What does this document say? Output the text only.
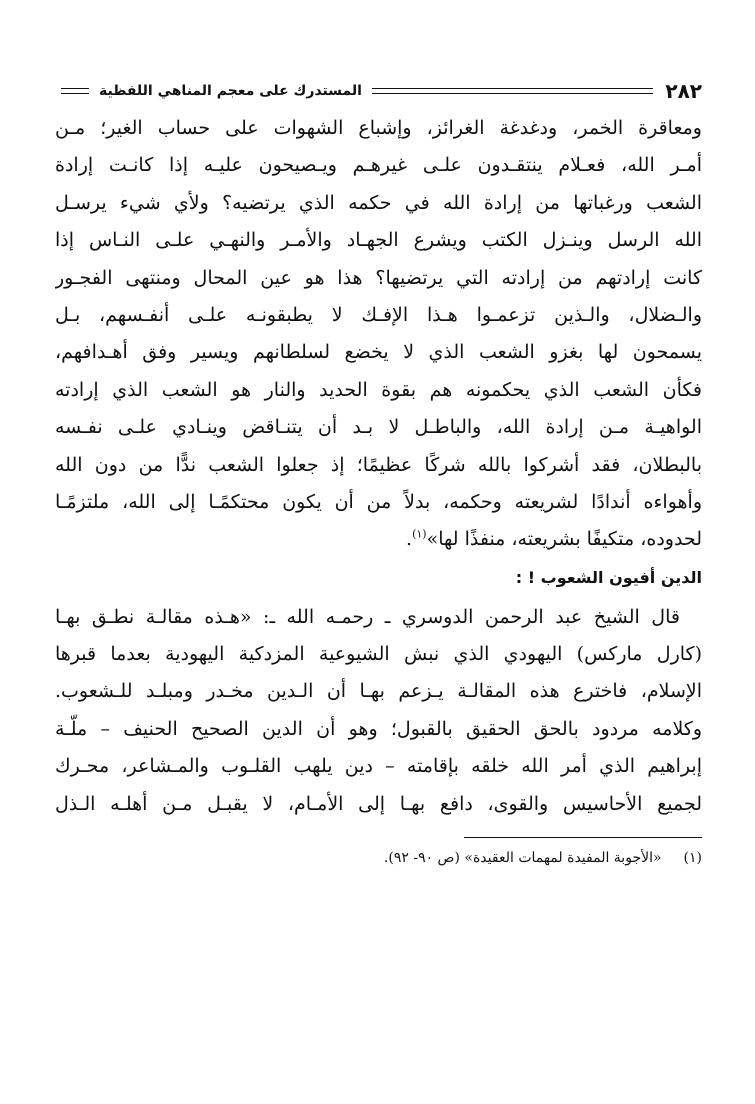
٢٨٢
المستدرك على معجم المناهي اللفظية
ومعاقرة الخمر، ودغدغة الغرائز، وإشباع الشهوات على حساب الغير؛ مـن
أمـر الله، فعـلام ينتقـدون علـى غيرهـم ويـصيحون عليـه إذا كانـت إرادة
الشعب ورغباتها من إرادة الله في حكمه الذي يرتضيه؟ ولأي شيء يرسـل
الله الرسل وينـزل الكتب ويشرع الجهـاد والأمـر والنهـي علـى النـاس إذا
كانت إرادتهم من إرادته التي يرتضيها؟ هذا هو عين المحال ومنتهى الفجـور
والـضلال، والـذين تزعمـوا هـذا الإفـك لا يطبقونـه علـى أنفـسهم، بـل
يسمحون لها بغزو الشعب الذي لا يخضع لسلطانهم ويسير وفق أهـدافهم،
فكأن الشعب الذي يحكمونه هم بقوة الحديد والنار هو الشعب الذي إرادته
الواهيـة مـن إرادة الله، والباطـل لا بـد أن يتنـاقض وينـادي علـى نفـسه
بالبطلان، فقد أشركوا بالله شركًا عظيمًا؛ إذ جعلوا الشعب ندًّا من دون الله
وأهواءه أندادًا لشريعته وحكمه، بدلاً من أن يكون محتكمًـا إلى الله، ملتزمًـا
لحدوده، متكيفًا بشريعته، منفذًا لها»$^{(١)}$.
الدين أفيون الشعوب ! :
قال الشيخ عبد الرحمن الدوسري ـ رحمـه الله ـ: «هـذه مقالـة نطـق بهـا
(كارل ماركس) اليهودي الذي نبش الشيوعية المزدكية اليهودية بعدما قبرها
الإسلام، فاخترع هذه المقالـة يـزعم بهـا أن الـدين مخـدر ومبلـد للـشعوب.
وكلامه مردود بالحق الحقيق بالقبول؛ وهو أن الدين الصحيح الحنيف – ملّـة
إبراهيم الذي أمر الله خلقه بإقامته – دين يلهب القلـوب والمـشاعر، محـرك
لجميع الأحاسيس والقوى، دافع بهـا إلى الأمـام، لا يقبـل مـن أهلـه الـذل
(١) «الأجوبة المفيدة لمهمات العقيدة» (ص ٩٠- ٩٢).
